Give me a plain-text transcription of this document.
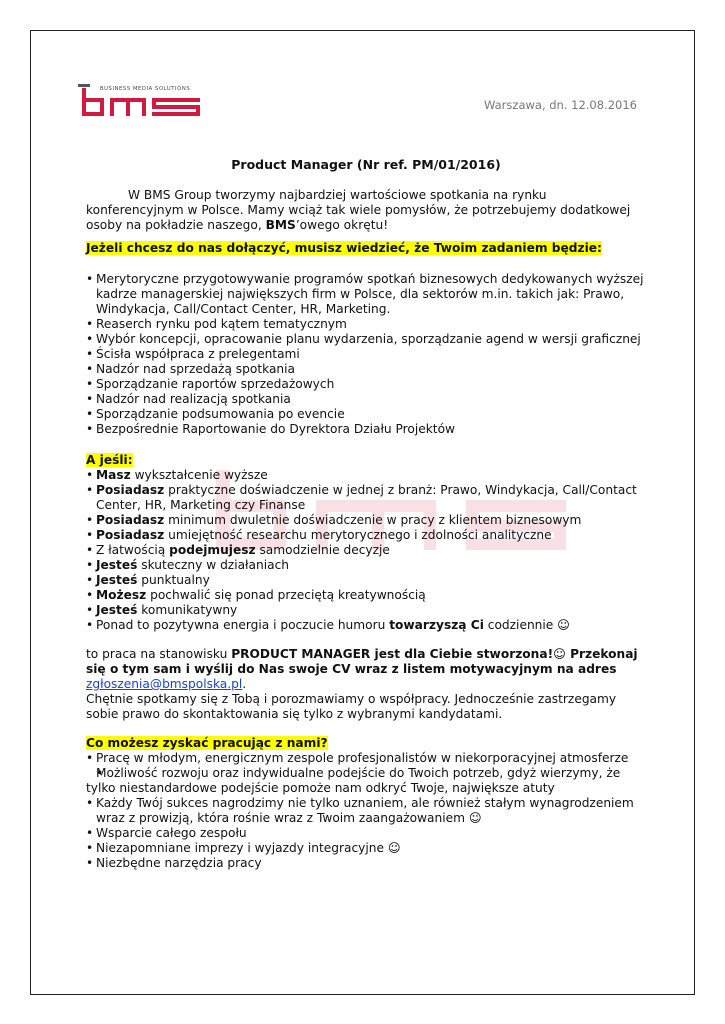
BUSINESS MEDIA SOLUTIONS
Warszawa, dn. 12.08.2016

Product Manager (Nr ref. PM/01/2016)

W BMS Group tworzymy najbardziej wartościowe spotkania na rynku konferencyjnym w Polsce. Mamy wciąż tak wiele pomysłów, że potrzebujemy dodatkowej osoby na pokładzie naszego, BMS’owego okrętu!

Jeżeli chcesz do nas dołączyć, musisz wiedzieć, że Twoim zadaniem będzie:

• Merytoryczne przygotowywanie programów spotkań biznesowych dedykowanych wyższej kadrze managerskiej największych firm w Polsce, dla sektorów m.in. takich jak: Prawo, Windykacja, Call/Contact Center, HR, Marketing.
• Reaserch rynku pod kątem tematycznym
• Wybór koncepcji, opracowanie planu wydarzenia, sporządzanie agend w wersji graficznej
• Ścisła współpraca z prelegentami
• Nadzór nad sprzedażą spotkania
• Sporządzanie raportów sprzedażowych
• Nadzór nad realizacją spotkania
• Sporządzanie podsumowania po evencie
• Bezpośrednie Raportowanie do Dyrektora Działu Projektów

A jeśli:

• Masz wykształcenie wyższe
• Posiadasz praktyczne doświadczenie w jednej z branż: Prawo, Windykacja, Call/Contact Center, HR, Marketing czy Finanse
• Posiadasz minimum dwuletnie doświadczenie w pracy z klientem biznesowym
• Posiadasz umiejętność researchu merytorycznego i zdolności analityczne
• Z łatwością podejmujesz samodzielnie decyzje
• Jesteś skuteczny w działaniach
• Jesteś punktualny
• Możesz pochwalić się ponad przeciętą kreatywnością
• Jesteś komunikatywny
• Ponad to pozytywna energia i poczucie humoru towarzyszą Ci codziennie ☺

to praca na stanowisku PRODUCT MANAGER jest dla Ciebie stworzona!☺ Przekonaj się o tym sam i wyślij do Nas swoje CV wraz z listem motywacyjnym na adres zgłoszenia@bmspolska.pl.

Chętnie spotkamy się z Tobą i porozmawiamy o współpracy. Jednocześnie zastrzegamy sobie prawo do skontaktowania się tylko z wybranymi kandydatami.

Co możesz zyskać pracując z nami?

• Pracę w młodym, energicznym zespole profesjonalistów w niekorporacyjnej atmosferze
• Możliwość rozwoju oraz indywidualne podejście do Twoich potrzeb, gdyż wierzymy, że tylko niestandardowe podejście pomoże nam odkryć Twoje, największe atuty
• Każdy Twój sukces nagrodzimy nie tylko uznaniem, ale również stałym wynagrodzeniem wraz z prowizją, która rośnie wraz z Twoim zaangażowaniem ☺
• Wsparcie całego zespołu
• Niezapomniane imprezy i wyjazdy integracyjne ☺
• Niezbędne narzędzia pracy
